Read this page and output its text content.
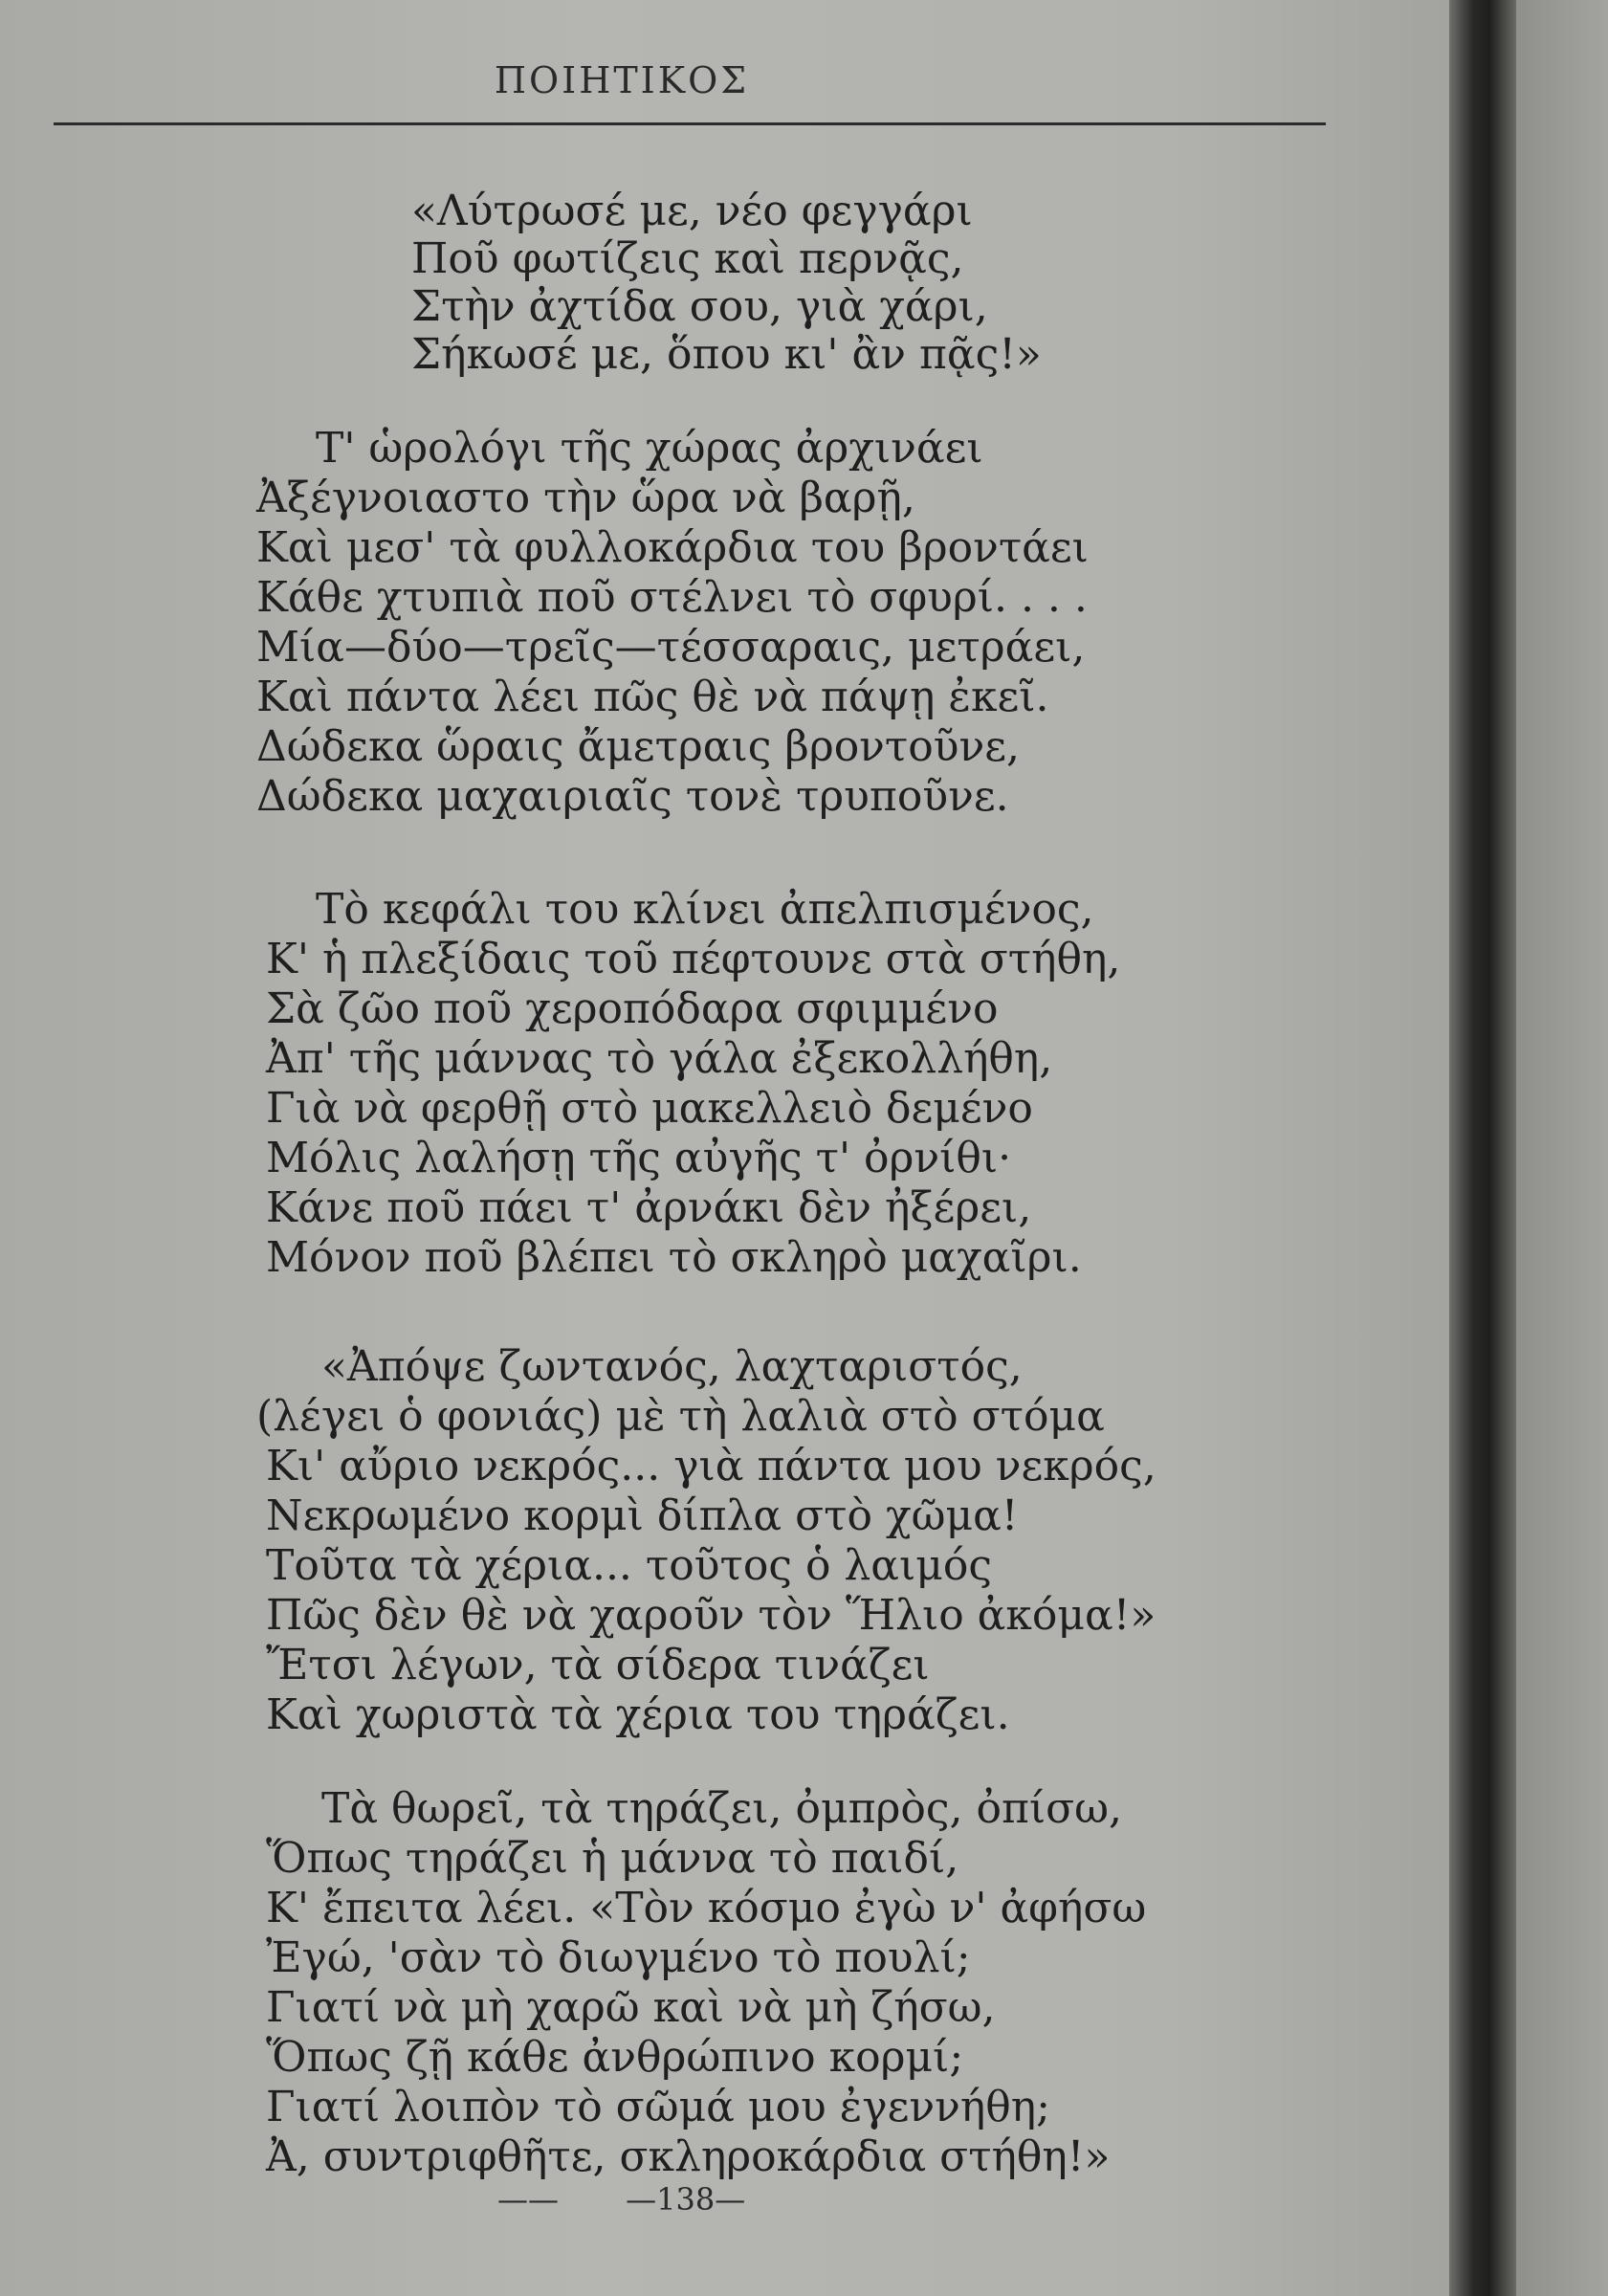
ΠΟΙΗΤΙΚΟΣ
«Λύτρωσέ με, νέο φεγγάρι
Ποῦ φωτίζεις καὶ περνᾷς,
Στὴν ἀχτίδα σου, γιὰ χάρι,
Σήκωσέ με, ὅπου κι' ἂν πᾷς!»
Τ' ὡρολόγι τῆς χώρας ἀρχινάει
Ἀξέγνοιαστο τὴν ὥρα νὰ βαρῇ,
Καὶ μεσ' τὰ φυλλοκάρδια του βροντάει
Κάθε χτυπιὰ ποῦ στέλνει τὸ σφυρί. . . .
Μία—δύο—τρεῖς—τέσσαραις, μετράει,
Καὶ πάντα λέει πῶς θὲ νὰ πάψῃ ἐκεῖ.
Δώδεκα ὥραις ἄμετραις βροντοῦνε,
Δώδεκα μαχαιριαῖς τονὲ τρυποῦνε.
Τὸ κεφάλι του κλίνει ἀπελπισμένος,
Κ' ἡ πλεξίδαις τοῦ πέφτουνε στὰ στήθη,
Σὰ ζῶο ποῦ χεροπόδαρα σφιμμένο
Ἀπ' τῆς μάννας τὸ γάλα ἐξεκολλήθη,
Γιὰ νὰ φερθῇ στὸ μακελλειὸ δεμένο
Μόλις λαλήσῃ τῆς αὐγῆς τ' ὀρνίθι·
Κάνε ποῦ πάει τ' ἀρνάκι δὲν ἠξέρει,
Μόνον ποῦ βλέπει τὸ σκληρὸ μαχαῖρι.
«Ἀπόψε ζωντανός, λαχταριστός,
(λέγει ὁ φονιάς) μὲ τὴ λαλιὰ στὸ στόμα
Κι' αὔριο νεκρός... γιὰ πάντα μου νεκρός,
Νεκρωμένο κορμὶ δίπλα στὸ χῶμα!
Τοῦτα τὰ χέρια... τοῦτος ὁ λαιμός
Πῶς δὲν θὲ νὰ χαροῦν τὸν Ἥλιο ἀκόμα!»
Ἔτσι λέγων, τὰ σίδερα τινάζει
Καὶ χωριστὰ τὰ χέρια του τηράζει.
Τὰ θωρεῖ, τὰ τηράζει, ὀμπρὸς, ὀπίσω,
Ὅπως τηράζει ἡ μάννα τὸ παιδί,
Κ' ἔπειτα λέει. «Τὸν κόσμο ἐγὼ ν' ἀφήσω
Ἐγώ, 'σὰν τὸ διωγμένο τὸ πουλί;
Γιατί νὰ μὴ χαρῶ καὶ νὰ μὴ ζήσω,
Ὅπως ζῇ κάθε ἀνθρώπινο κορμί;
Γιατί λοιπὸν τὸ σῶμά μου ἐγεννήθη;
Ἀ, συντριφθῆτε, σκληροκάρδια στήθη!»
—— —138—
